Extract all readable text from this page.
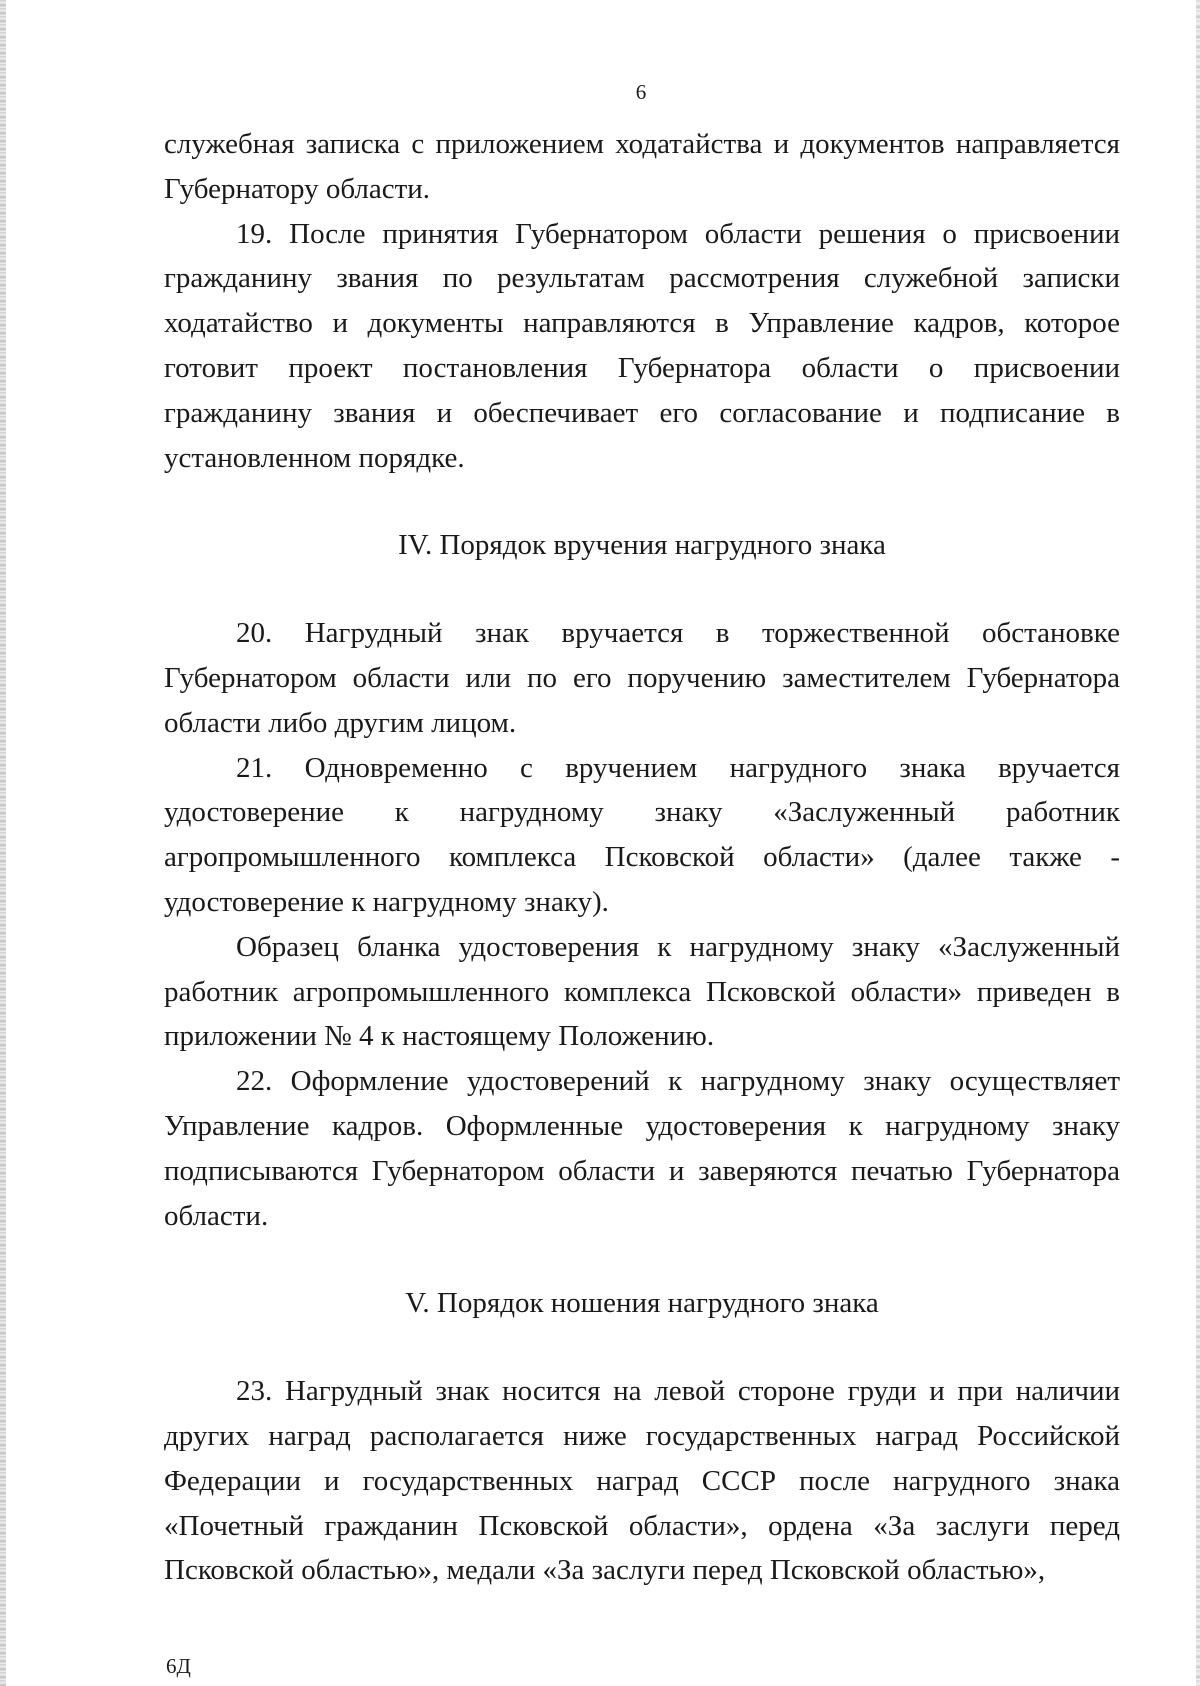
6

служебная записка с приложением ходатайства и документов направляется Губернатору области.

19. После принятия Губернатором области решения о присвоении гражданину звания по результатам рассмотрения служебной записки ходатайство и документы направляются в Управление кадров, которое готовит проект постановления Губернатора области о присвоении гражданину звания и обеспечивает его согласование и подписание в установленном порядке.

IV. Порядок вручения нагрудного знака

20. Нагрудный знак вручается в торжественной обстановке Губернатором области или по его поручению заместителем Губернатора области либо другим лицом.

21. Одновременно с вручением нагрудного знака вручается удостоверение к нагрудному знаку «Заслуженный работник агропромышленного комплекса Псковской области» (далее также - удостоверение к нагрудному знаку).

Образец бланка удостоверения к нагрудному знаку «Заслуженный работник агропромышленного комплекса Псковской области» приведен в приложении № 4 к настоящему Положению.

22. Оформление удостоверений к нагрудному знаку осуществляет Управление кадров. Оформленные удостоверения к нагрудному знаку подписываются Губернатором области и заверяются печатью Губернатора области.

V. Порядок ношения нагрудного знака

23. Нагрудный знак носится на левой стороне груди и при наличии других наград располагается ниже государственных наград Российской Федерации и государственных наград СССР после нагрудного знака «Почетный гражданин Псковской области», ордена «За заслуги перед Псковской областью», медали «За заслуги перед Псковской областью»,

6Д
